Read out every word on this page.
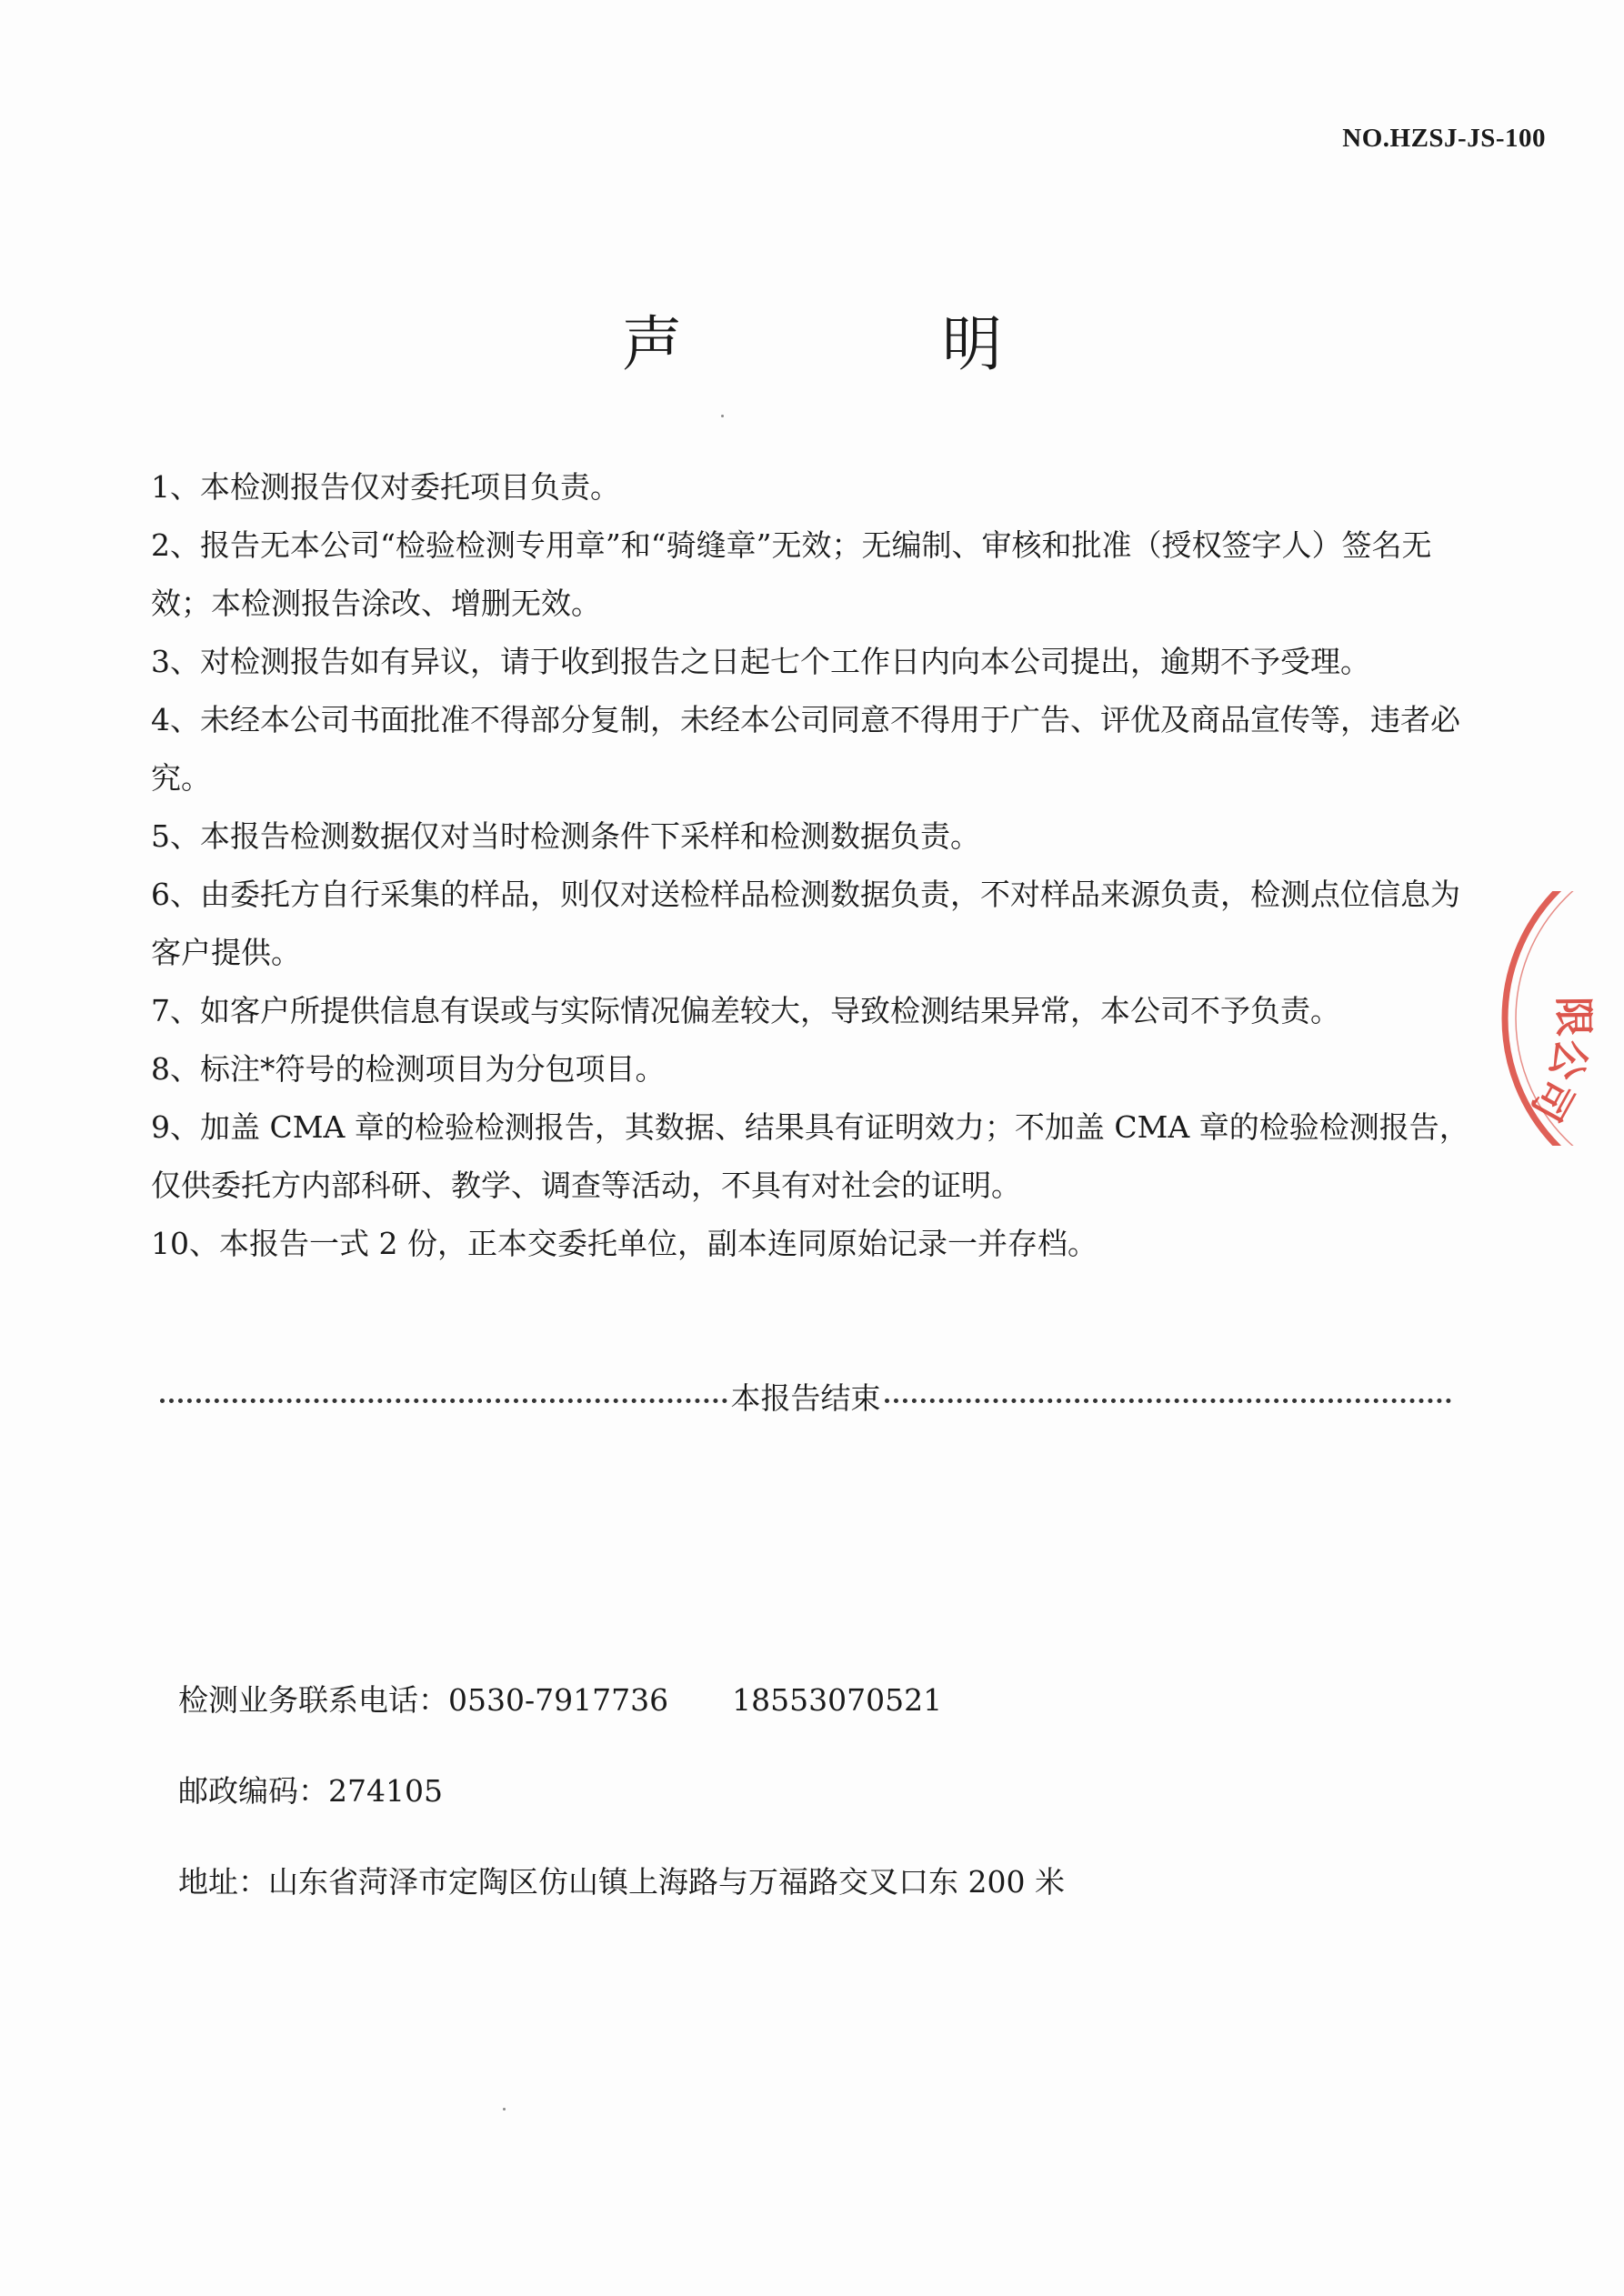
NO.HZSJ-JS-100
声　明

1、本检测报告仅对委托项目负责。

2、报告无本公司“检验检测专用章”和“骑缝章”无效；无编制、审核和批准（授权签字人）签名无效；本检测报告涂改、增删无效。

3、对检测报告如有异议，请于收到报告之日起七个工作日内向本公司提出，逾期不予受理。

4、未经本公司书面批准不得部分复制，未经本公司同意不得用于广告、评优及商品宣传等，违者必究。

5、本报告检测数据仅对当时检测条件下采样和检测数据负责。

6、由委托方自行采集的样品，则仅对送检样品检测数据负责，不对样品来源负责，检测点位信息为客户提供。

7、如客户所提供信息有误或与实际情况偏差较大，导致检测结果异常，本公司不予负责。

8、标注*符号的检测项目为分包项目。

9、加盖 CMA 章的检验检测报告，其数据、结果具有证明效力；不加盖 CMA 章的检验检测报告，仅供委托方内部科研、教学、调查等活动，不具有对社会的证明。

10、本报告一式 2 份，正本交委托单位，副本连同原始记录一并存档。

本报告结束

检测业务联系电话：0530-7917736 18553070521

邮政编码：274105

地址：山东省菏泽市定陶区仿山镇上海路与万福路交叉口东 200 米

限公司
